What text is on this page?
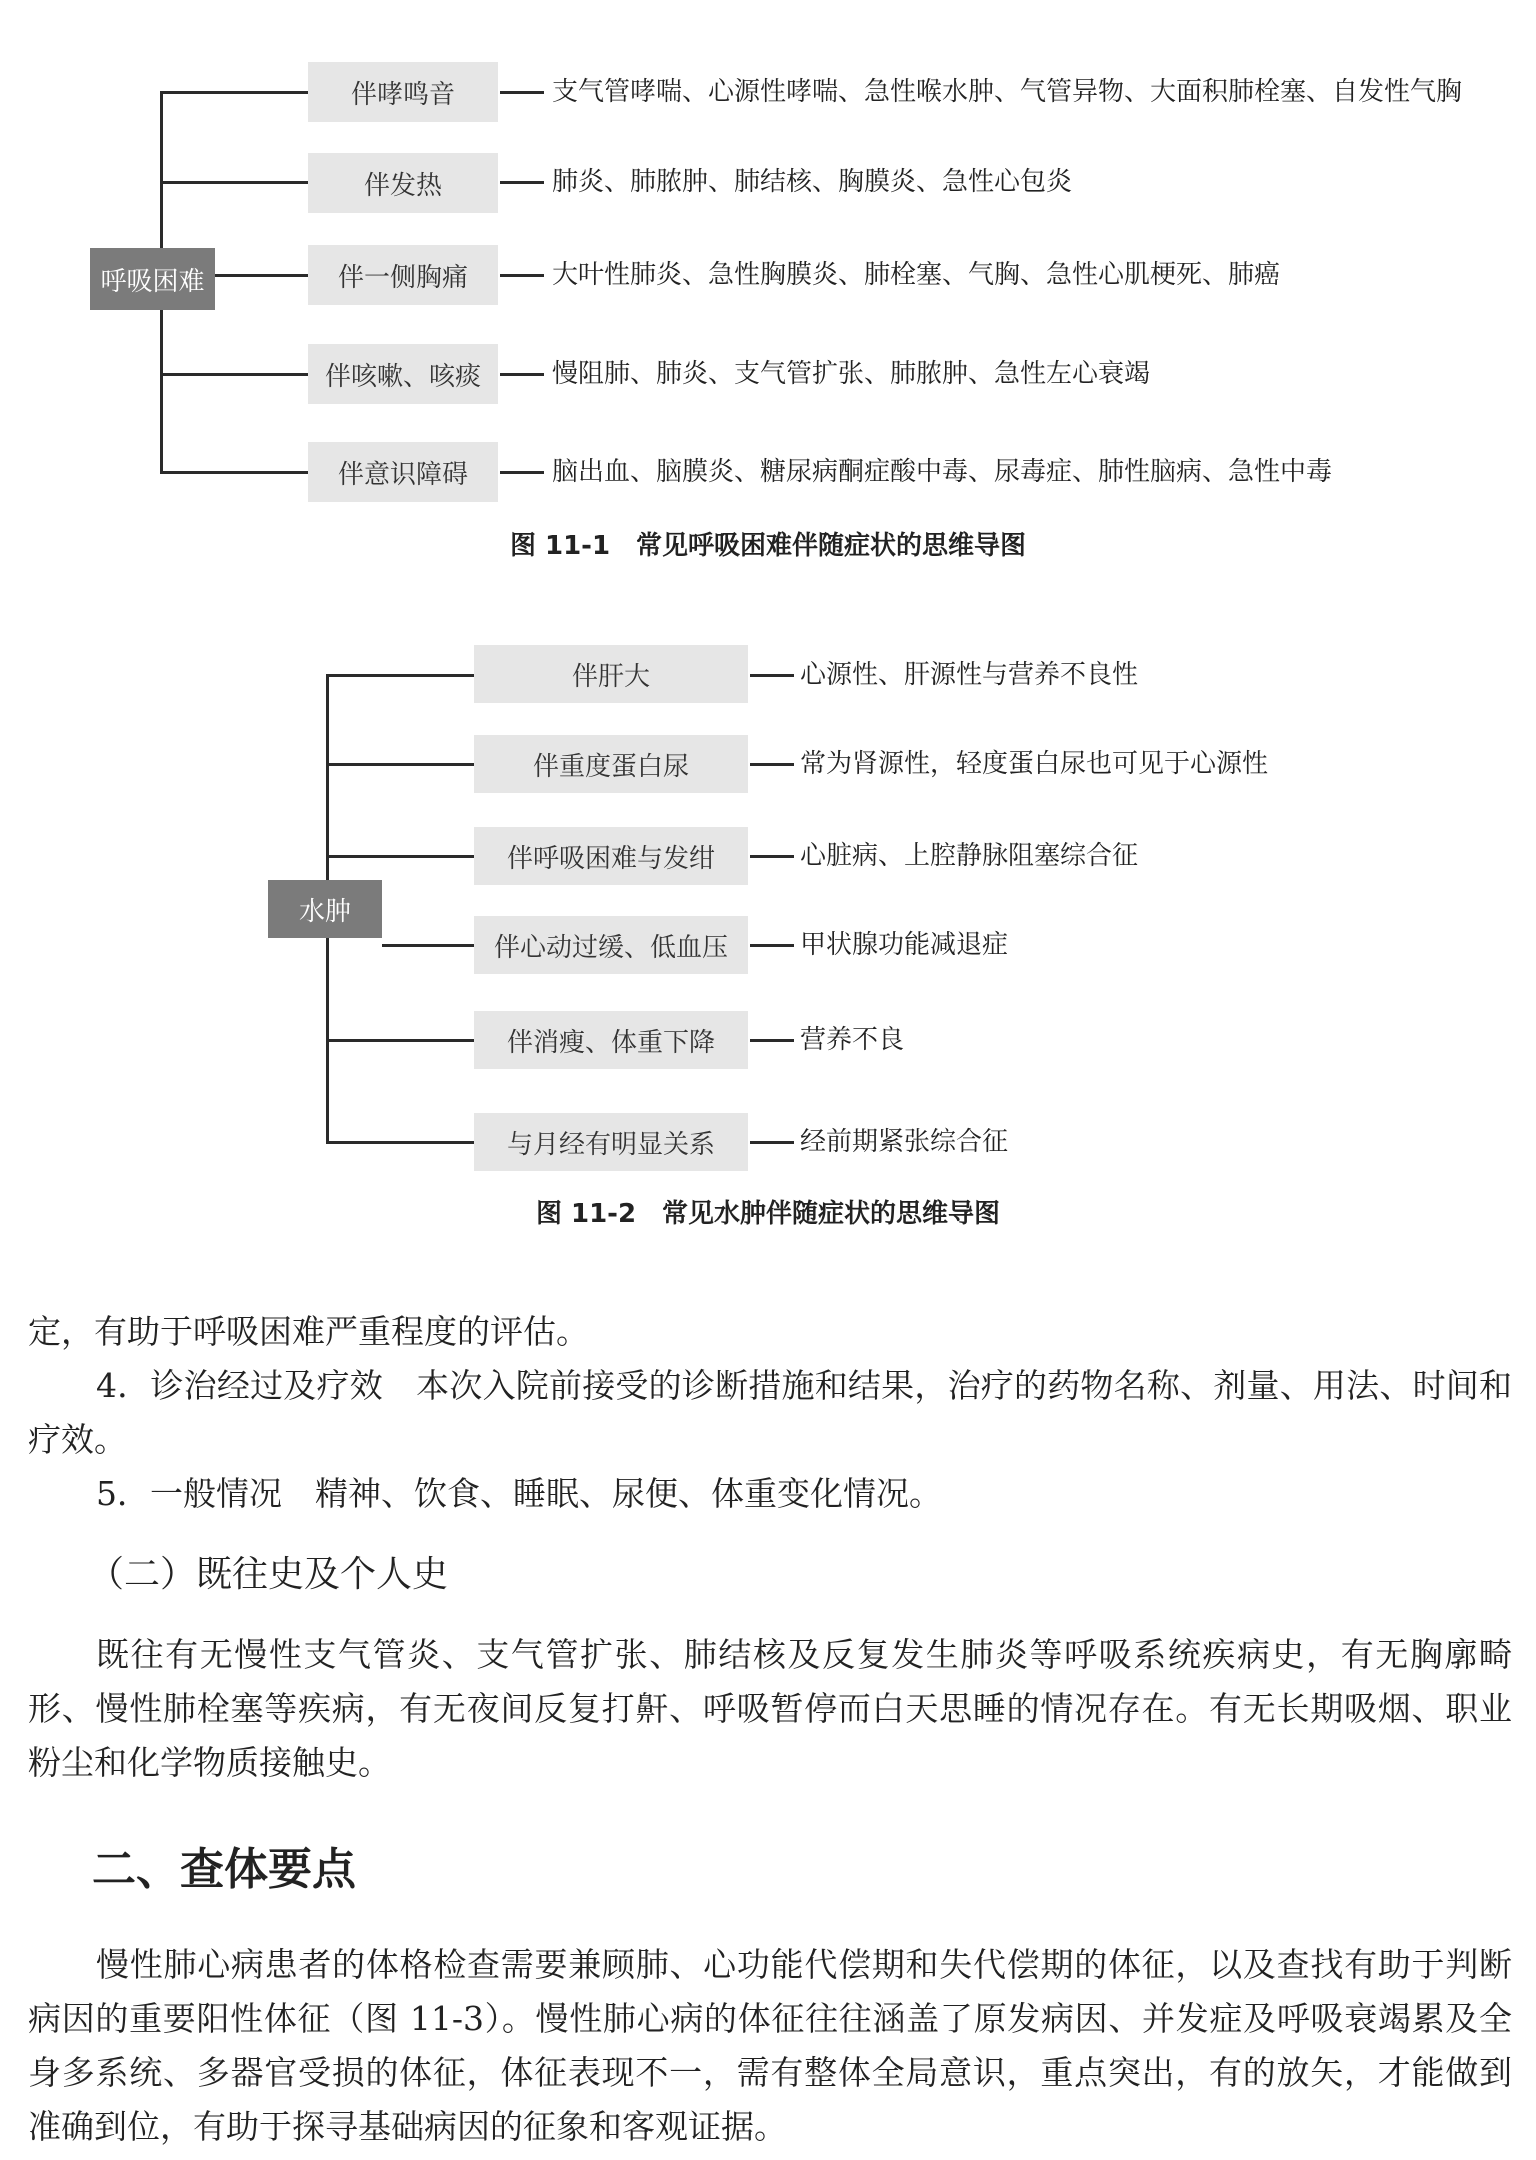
呼吸困难
伴哮鸣音	支气管哮喘、心源性哮喘、急性喉水肿、气管异物、大面积肺栓塞、自发性气胸
伴发热	肺炎、肺脓肿、肺结核、胸膜炎、急性心包炎
伴一侧胸痛	大叶性肺炎、急性胸膜炎、肺栓塞、气胸、急性心肌梗死、肺癌
伴咳嗽、咳痰	慢阻肺、肺炎、支气管扩张、肺脓肿、急性左心衰竭
伴意识障碍	脑出血、脑膜炎、糖尿病酮症酸中毒、尿毒症、肺性脑病、急性中毒
图 11-1　常见呼吸困难伴随症状的思维导图
水肿
伴肝大	心源性、肝源性与营养不良性
伴重度蛋白尿	常为肾源性，轻度蛋白尿也可见于心源性
伴呼吸困难与发绀	心脏病、上腔静脉阻塞综合征
伴心动过缓、低血压	甲状腺功能减退症
伴消瘦、体重下降	营养不良
与月经有明显关系	经前期紧张综合征
图 11-2　常见水肿伴随症状的思维导图
定，有助于呼吸困难严重程度的评估。
4．诊治经过及疗效　本次入院前接受的诊断措施和结果，治疗的药物名称、剂量、用法、时间和疗效。
5．一般情况　精神、饮食、睡眠、尿便、体重变化情况。
（二）既往史及个人史
既往有无慢性支气管炎、支气管扩张、肺结核及反复发生肺炎等呼吸系统疾病史，有无胸廓畸形、慢性肺栓塞等疾病，有无夜间反复打鼾、呼吸暂停而白天思睡的情况存在。有无长期吸烟、职业粉尘和化学物质接触史。
二、查体要点
慢性肺心病患者的体格检查需要兼顾肺、心功能代偿期和失代偿期的体征，以及查找有助于判断病因的重要阳性体征（图 11-3）。慢性肺心病的体征往往涵盖了原发病因、并发症及呼吸衰竭累及全身多系统、多器官受损的体征，体征表现不一，需有整体全局意识，重点突出，有的放矢，才能做到准确到位，有助于探寻基础病因的征象和客观证据。
